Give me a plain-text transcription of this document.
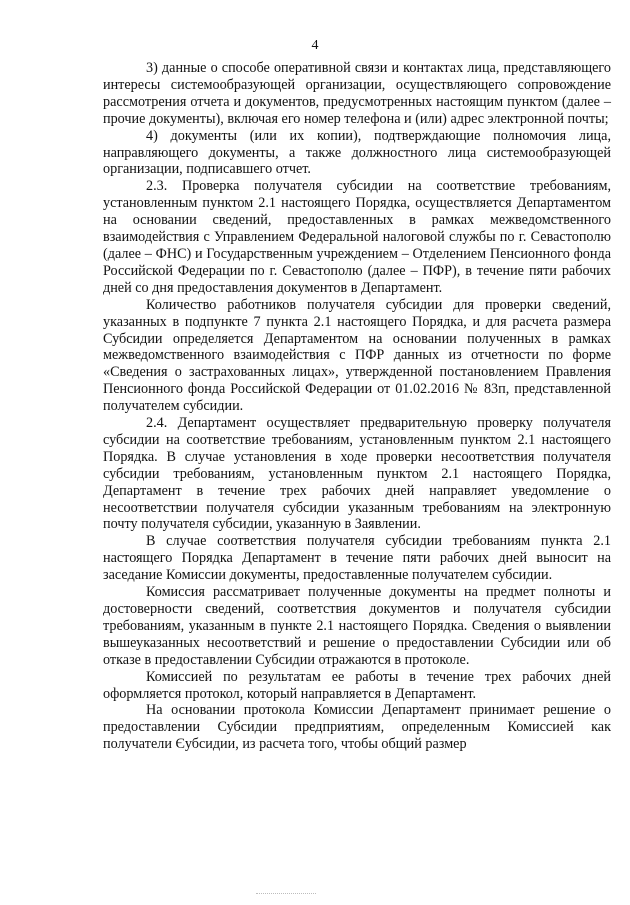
4

3) данные о способе оперативной связи и контактах лица, представляющего интересы системообразующей организации, осуществляющего сопровождение рассмотрения отчета и документов, предусмотренных настоящим пунктом (далее – прочие документы), включая его номер телефона и (или) адрес электронной почты;

4) документы (или их копии), подтверждающие полномочия лица, направляющего документы, а также должностного лица системообразующей организации, подписавшего отчет.

2.3. Проверка получателя субсидии на соответствие требованиям, установленным пунктом 2.1 настоящего Порядка, осуществляется Департаментом на основании сведений, предоставленных в рамках межведомственного взаимодействия с Управлением Федеральной налоговой службы по г. Севастополю (далее – ФНС) и Государственным учреждением – Отделением Пенсионного фонда Российской Федерации по г. Севастополю (далее – ПФР), в течение пяти рабочих дней со дня предоставления документов в Департамент.

Количество работников получателя субсидии для проверки сведений, указанных в подпункте 7 пункта 2.1 настоящего Порядка, и для расчета размера Субсидии определяется Департаментом на основании полученных в рамках межведомственного взаимодействия с ПФР данных из отчетности по форме «Сведения о застрахованных лицах», утвержденной постановлением Правления Пенсионного фонда Российской Федерации от 01.02.2016 № 83п, представленной получателем субсидии.

2.4. Департамент осуществляет предварительную проверку получателя субсидии на соответствие требованиям, установленным пунктом 2.1 настоящего Порядка. В случае установления в ходе проверки несоответствия получателя субсидии требованиям, установленным пунктом 2.1 настоящего Порядка, Департамент в течение трех рабочих дней направляет уведомление о несоответствии получателя субсидии указанным требованиям на электронную почту получателя субсидии, указанную в Заявлении.

В случае соответствия получателя субсидии требованиям пункта 2.1 настоящего Порядка Департамент в течение пяти рабочих дней выносит на заседание Комиссии документы, предоставленные получателем субсидии.

Комиссия рассматривает полученные документы на предмет полноты и достоверности сведений, соответствия документов и получателя субсидии требованиям, указанным в пункте 2.1 настоящего Порядка. Сведения о выявлении вышеуказанных несоответствий и решение о предоставлении Субсидии или об отказе в предоставлении Субсидии отражаются в протоколе.

Комиссией по результатам ее работы в течение трех рабочих дней оформляется протокол, который направляется в Департамент.

На основании протокола Комиссии Департамент принимает решение о предоставлении Субсидии предприятиям, определенным Комиссией как получатели Єубсидии, из расчета того, чтобы общий размер
